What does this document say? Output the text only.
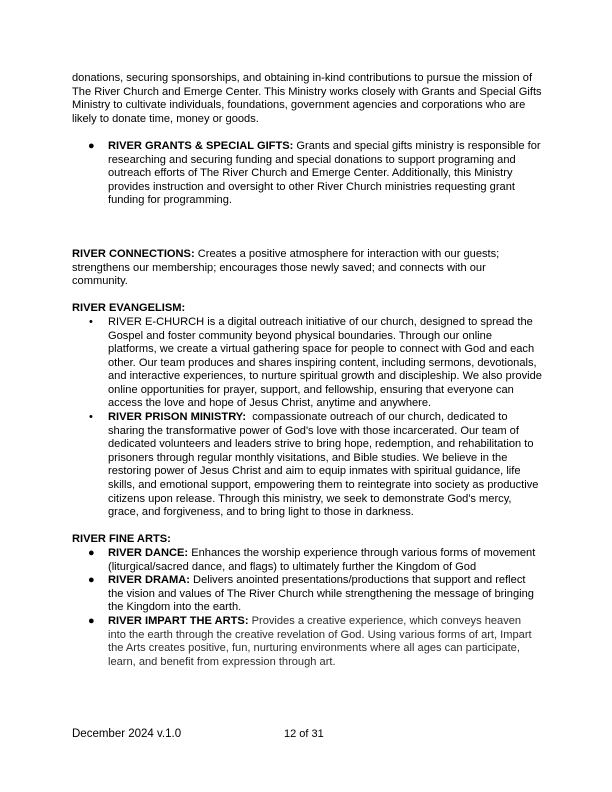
donations, securing sponsorships, and obtaining in-kind contributions to pursue the mission of The River Church and Emerge Center. This Ministry works closely with Grants and Special Gifts Ministry to cultivate individuals, foundations, government agencies and corporations who are likely to donate time, money or goods.

● RIVER GRANTS & SPECIAL GIFTS: Grants and special gifts ministry is responsible for researching and securing funding and special donations to support programing and outreach efforts of The River Church and Emerge Center. Additionally, this Ministry provides instruction and oversight to other River Church ministries requesting grant funding for programming.

RIVER CONNECTIONS: Creates a positive atmosphere for interaction with our guests; strengthens our membership; encourages those newly saved; and connects with our community.

RIVER EVANGELISM:

• RIVER E-CHURCH is a digital outreach initiative of our church, designed to spread the Gospel and foster community beyond physical boundaries. Through our online platforms, we create a virtual gathering space for people to connect with God and each other. Our team produces and shares inspiring content, including sermons, devotionals, and interactive experiences, to nurture spiritual growth and discipleship. We also provide online opportunities for prayer, support, and fellowship, ensuring that everyone can access the love and hope of Jesus Christ, anytime and anywhere.
• RIVER PRISON MINISTRY:  compassionate outreach of our church, dedicated to sharing the transformative power of God's love with those incarcerated. Our team of dedicated volunteers and leaders strive to bring hope, redemption, and rehabilitation to prisoners through regular monthly visitations, and Bible studies. We believe in the restoring power of Jesus Christ and aim to equip inmates with spiritual guidance, life skills, and emotional support, empowering them to reintegrate into society as productive citizens upon release. Through this ministry, we seek to demonstrate God's mercy, grace, and forgiveness, and to bring light to those in darkness.

RIVER FINE ARTS:

● RIVER DANCE: Enhances the worship experience through various forms of movement (liturgical/sacred dance, and flags) to ultimately further the Kingdom of God
● RIVER DRAMA: Delivers anointed presentations/productions that support and reflect the vision and values of The River Church while strengthening the message of bringing the Kingdom into the earth.
● RIVER IMPART THE ARTS: Provides a creative experience, which conveys heaven into the earth through the creative revelation of God. Using various forms of art, Impart the Arts creates positive, fun, nurturing environments where all ages can participate, learn, and benefit from expression through art.
December 2024 v.1.0	12 of 31
